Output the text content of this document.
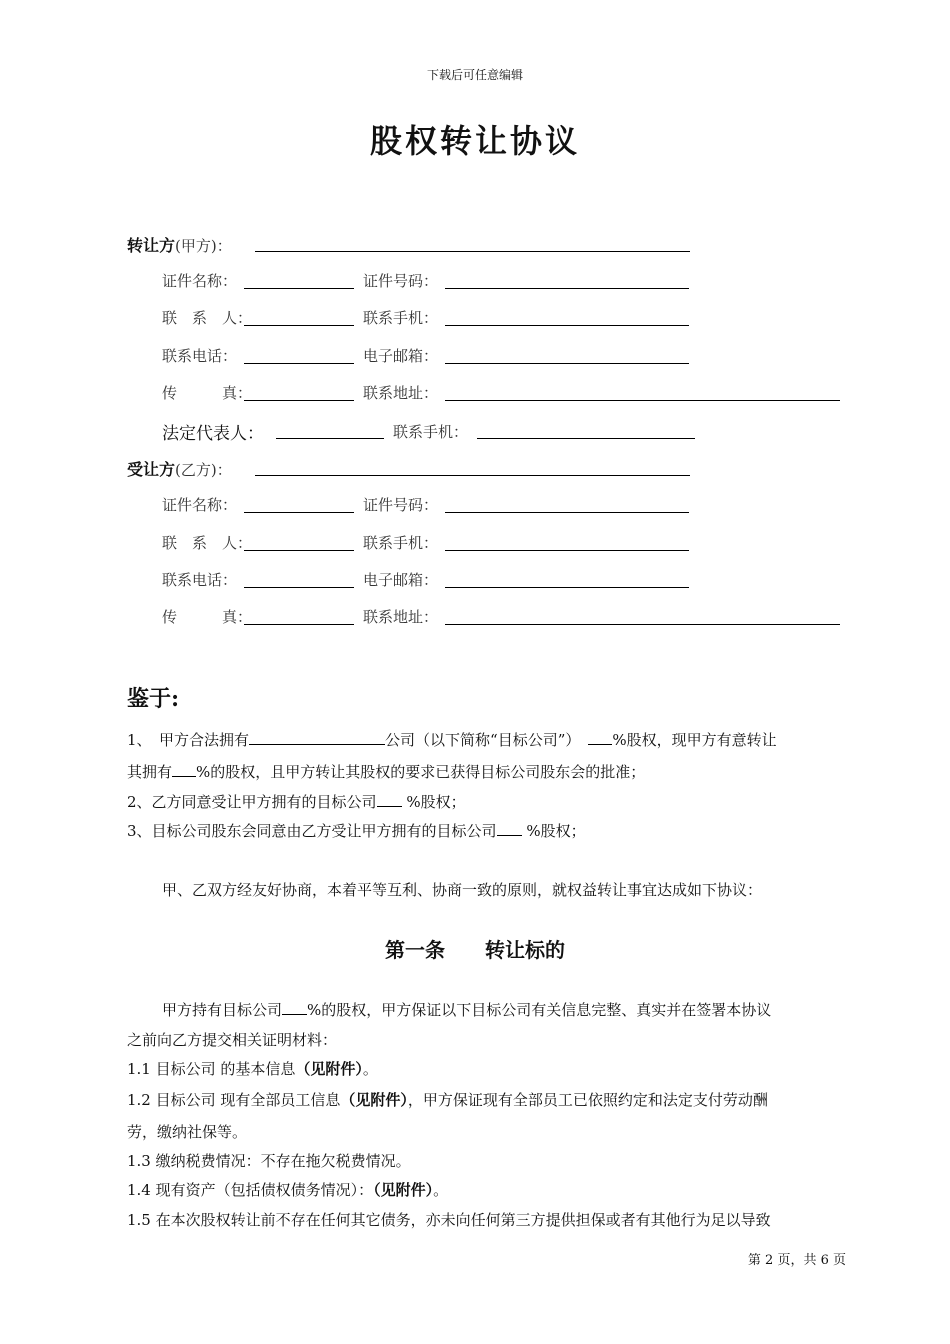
下载后可任意编辑
股权转让协议
转让方(甲方)：
证件名称：	证件号码：
联　系　人：	联系手机：
联系电话：	电子邮箱：
传　　　真：	联系地址：
法定代表人：	联系手机：
受让方(乙方)：
证件名称：	证件号码：
联　系　人：	联系手机：
联系电话：	电子邮箱：
传　　　真：	联系地址：
鉴于:
1、　甲方合法拥有	公司（以下简称“目标公司”） %股权，现甲方有意转让
其拥有 %的股权，且甲方转让其股权的要求已获得目标公司股东会的批准；
2、乙方同意受让甲方拥有的目标公司 %股权；
3、目标公司股东会同意由乙方受让甲方拥有的目标公司 %股权；
甲、乙双方经友好协商，本着平等互利、协商一致的原则，就权益转让事宜达成如下协议：
第一条　　转让标的
甲方持有目标公司 %的股权，甲方保证以下目标公司有关信息完整、真实并在签署本协议
之前向乙方提交相关证明材料：
1.1 目标公司 的基本信息（见附件）。
1.2 目标公司 现有全部员工信息（见附件），甲方保证现有全部员工已依照约定和法定支付劳动酬
劳，缴纳社保等。
1.3 缴纳税费情况：不存在拖欠税费情况。
1.4 现有资产（包括债权债务情况）：（见附件）。
1.5 在本次股权转让前不存在任何其它债务，亦未向任何第三方提供担保或者有其他行为足以导致
第 2 页，共 6 页
